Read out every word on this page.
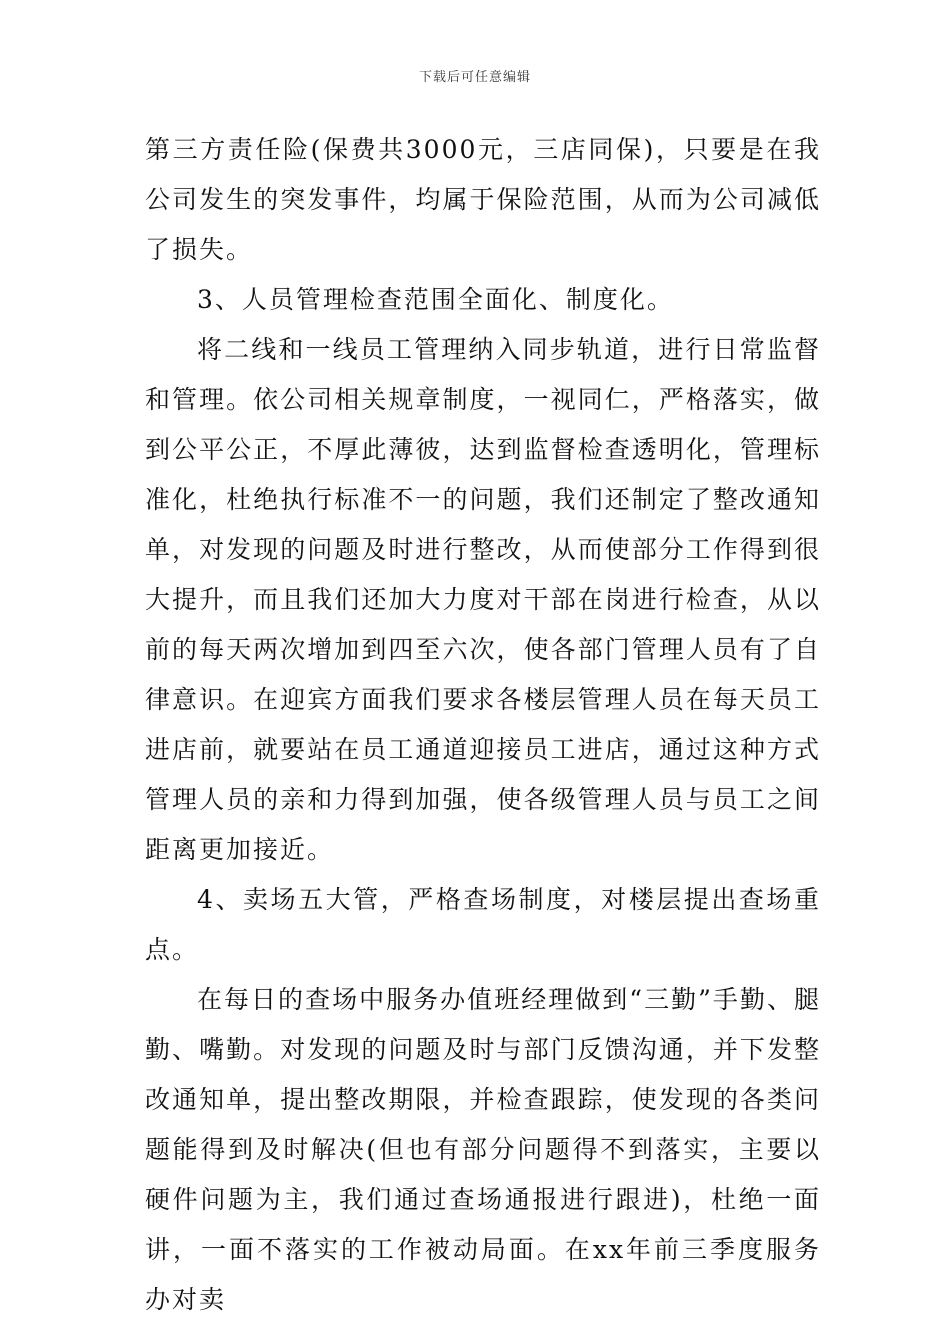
下载后可任意编辑

第三方责任险(保费共3000元，三店同保)，只要是在我公司发生的突发事件，均属于保险范围，从而为公司减低了损失。

3、人员管理检查范围全面化、制度化。

将二线和一线员工管理纳入同步轨道，进行日常监督和管理。依公司相关规章制度，一视同仁，严格落实，做到公平公正，不厚此薄彼，达到监督检查透明化，管理标准化，杜绝执行标准不一的问题，我们还制定了整改通知单，对发现的问题及时进行整改，从而使部分工作得到很大提升，而且我们还加大力度对干部在岗进行检查，从以前的每天两次增加到四至六次，使各部门管理人员有了自律意识。在迎宾方面我们要求各楼层管理人员在每天员工进店前，就要站在员工通道迎接员工进店，通过这种方式管理人员的亲和力得到加强，使各级管理人员与员工之间距离更加接近。

4、卖场五大管，严格查场制度，对楼层提出查场重点。

在每日的查场中服务办值班经理做到“三勤”手勤、腿勤、嘴勤。对发现的问题及时与部门反馈沟通，并下发整改通知单，提出整改期限，并检查跟踪，使发现的各类问题能得到及时解决(但也有部分问题得不到落实，主要以硬件问题为主，我们通过查场通报进行跟进)，杜绝一面讲，一面不落实的工作被动局面。在xx年前三季度服务办对卖
